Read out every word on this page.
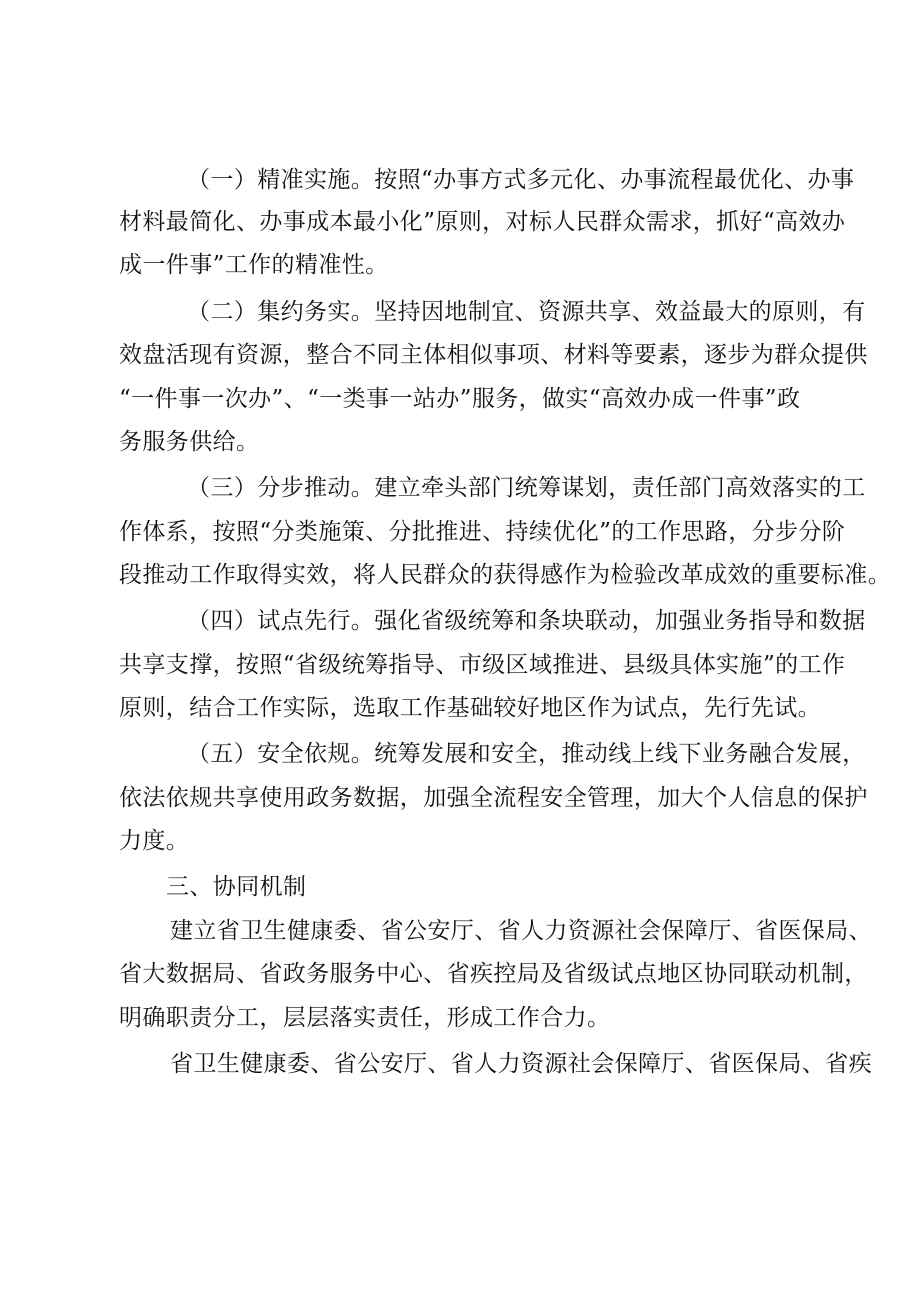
（一）精准实施。按照“办事方式多元化、办事流程最优化、办事
材料最简化、办事成本最小化”原则，对标人民群众需求，抓好“高效办
成一件事”工作的精准性。
（二）集约务实。坚持因地制宜、资源共享、效益最大的原则，有
效盘活现有资源，整合不同主体相似事项、材料等要素，逐步为群众提供
“一件事一次办”、“一类事一站办”服务，做实“高效办成一件事”政
务服务供给。
（三）分步推动。建立牵头部门统筹谋划，责任部门高效落实的工
作体系，按照“分类施策、分批推进、持续优化”的工作思路，分步分阶
段推动工作取得实效，将人民群众的获得感作为检验改革成效的重要标准。
（四）试点先行。强化省级统筹和条块联动，加强业务指导和数据
共享支撑，按照“省级统筹指导、市级区域推进、县级具体实施”的工作
原则，结合工作实际，选取工作基础较好地区作为试点，先行先试。
（五）安全依规。统筹发展和安全，推动线上线下业务融合发展，
依法依规共享使用政务数据，加强全流程安全管理，加大个人信息的保护
力度。
三、协同机制
建立省卫生健康委、省公安厅、省人力资源社会保障厅、省医保局、
省大数据局、省政务服务中心、省疾控局及省级试点地区协同联动机制，
明确职责分工，层层落实责任，形成工作合力。
省卫生健康委、省公安厅、省人力资源社会保障厅、省医保局、省疾
